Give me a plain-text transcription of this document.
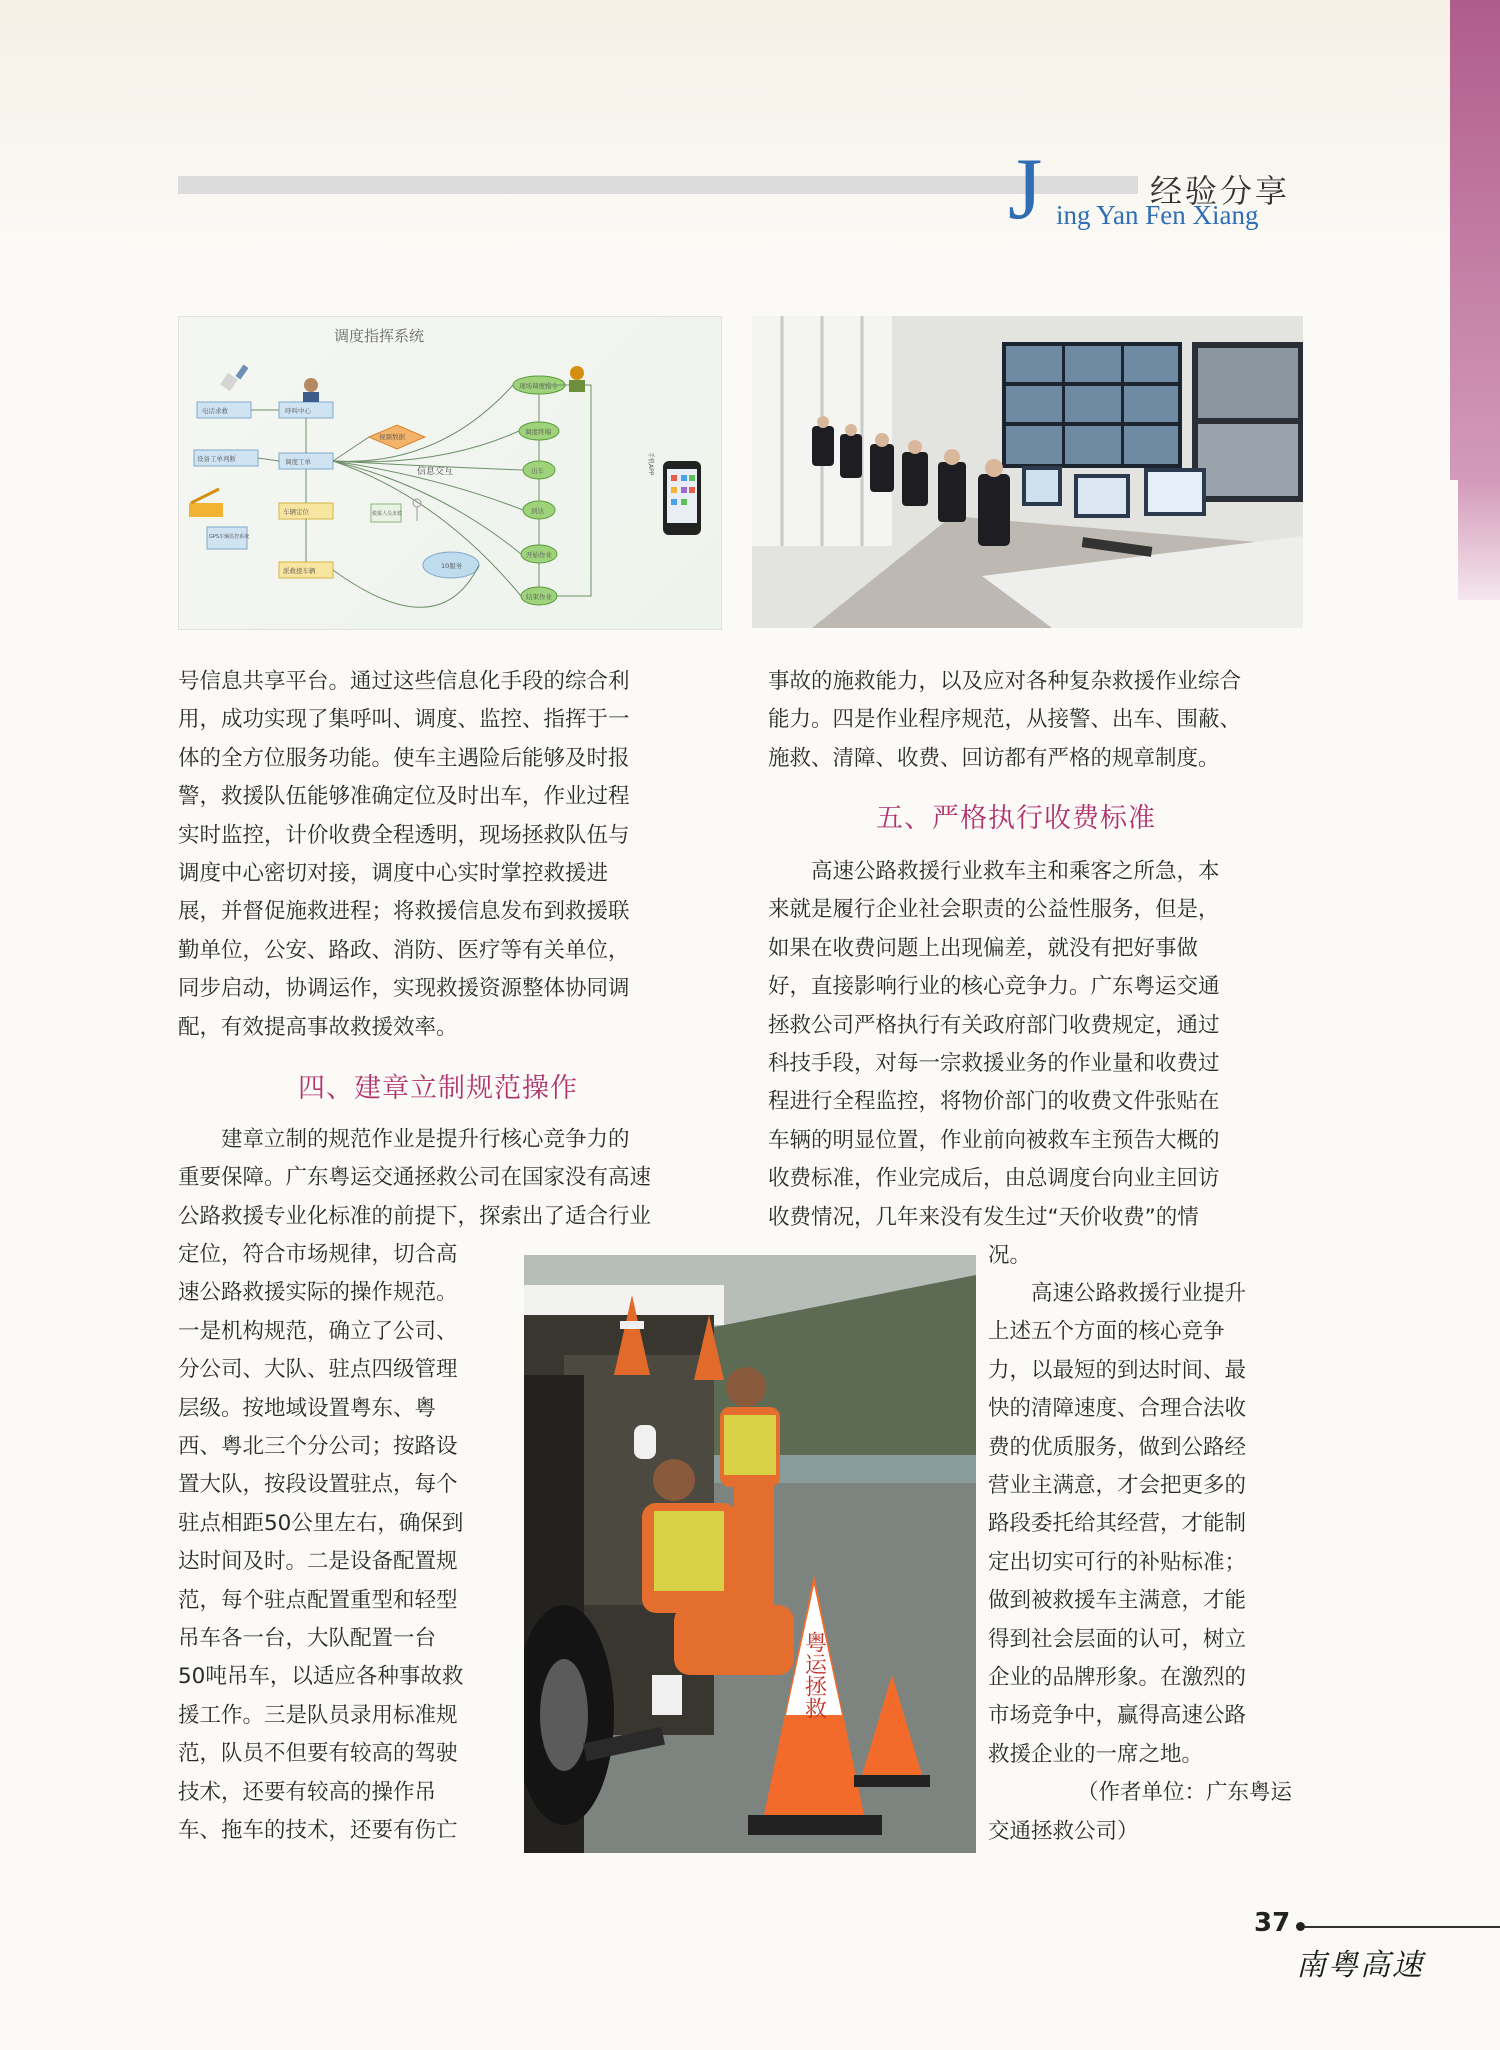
J	经验分享
ing Yan Fen Xiang
调度指挥系统
电话求救	呼叫中心
调度工单
设备工单判断
视频数据
车辆定位
GPS车辆监控系统
派救援车辆
救援人员求救
现场调度指令
信息交互
调度终端
出车
到达
开始作业
结束作业
10服务
手机APP

号信息共享平台。通过这些信息化手段的综合利

用，成功实现了集呼叫、调度、监控、指挥于一

体的全方位服务功能。使车主遇险后能够及时报

警，救援队伍能够准确定位及时出车，作业过程

实时监控，计价收费全程透明，现场拯救队伍与

调度中心密切对接，调度中心实时掌控救援进

展，并督促施救进程；将救援信息发布到救援联

勤单位，公安、路政、消防、医疗等有关单位，

同步启动，协调运作，实现救援资源整体协同调

配，有效提高事故救援效率。

四、建章立制规范操作

建章立制的规范作业是提升行核心竞争力的

重要保障。广东粤运交通拯救公司在国家没有高速

公路救援专业化标准的前提下，探索出了适合行业

定位，符合市场规律，切合高

速公路救援实际的操作规范。

一是机构规范，确立了公司、

分公司、大队、驻点四级管理

层级。按地域设置粤东、粤

西、粤北三个分公司；按路设

置大队，按段设置驻点，每个

驻点相距50公里左右，确保到

达时间及时。二是设备配置规

范，每个驻点配置重型和轻型

吊车各一台，大队配置一台

50吨吊车，以适应各种事故救

援工作。三是队员录用标准规

范，队员不但要有较高的驾驶

技术，还要有较高的操作吊

车、拖车的技术，还要有伤亡

事故的施救能力，以及应对各种复杂救援作业综合

能力。四是作业程序规范，从接警、出车、围蔽、

施救、清障、收费、回访都有严格的规章制度。

五、严格执行收费标准

高速公路救援行业救车主和乘客之所急，本

来就是履行企业社会职责的公益性服务，但是，

如果在收费问题上出现偏差，就没有把好事做

好，直接影响行业的核心竞争力。广东粤运交通

拯救公司严格执行有关政府部门收费规定，通过

科技手段，对每一宗救援业务的作业量和收费过

程进行全程监控，将物价部门的收费文件张贴在

车辆的明显位置，作业前向被救车主预告大概的

收费标准，作业完成后，由总调度台向业主回访

收费情况，几年来没有发生过“天价收费”的情

况。

高速公路救援行业提升

上述五个方面的核心竞争

力，以最短的到达时间、最

快的清障速度、合理合法收

费的优质服务，做到公路经

营业主满意，才会把更多的

路段委托给其经营，才能制

定出切实可行的补贴标准；

做到被救援车主满意，才能

得到社会层面的认可，树立

企业的品牌形象。在激烈的

市场竞争中，赢得高速公路

救援企业的一席之地。

（作者单位：广东粤运

交通拯救公司）

粤运拯救
37
南粤高速
